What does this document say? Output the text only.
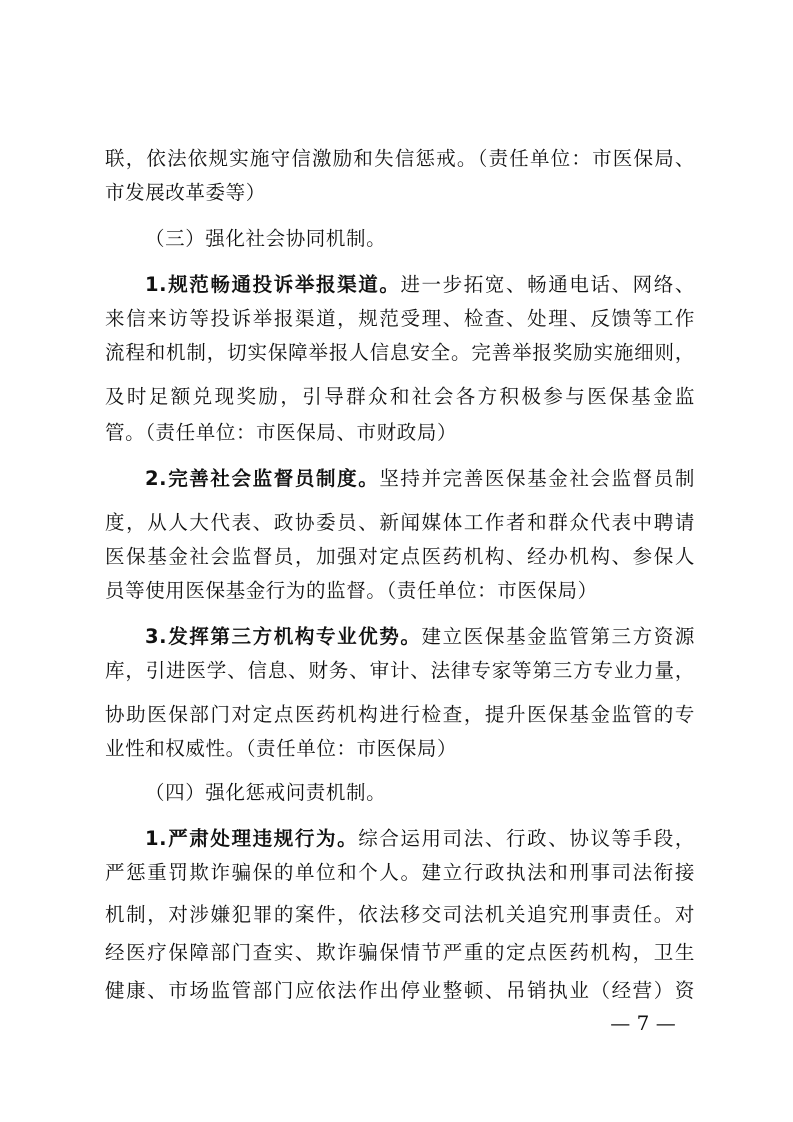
联，依法依规实施守信激励和失信惩戒。（责任单位：市医保局、
市发展改革委等）
（三）强化社会协同机制。
1.规范畅通投诉举报渠道。进一步拓宽、畅通电话、网络、
来信来访等投诉举报渠道，规范受理、检查、处理、反馈等工作
流程和机制，切实保障举报人信息安全。完善举报奖励实施细则，
及时足额兑现奖励，引导群众和社会各方积极参与医保基金监
管。（责任单位：市医保局、市财政局）
2.完善社会监督员制度。坚持并完善医保基金社会监督员制
度，从人大代表、政协委员、新闻媒体工作者和群众代表中聘请
医保基金社会监督员，加强对定点医药机构、经办机构、参保人
员等使用医保基金行为的监督。（责任单位：市医保局）
3.发挥第三方机构专业优势。建立医保基金监管第三方资源
库，引进医学、信息、财务、审计、法律专家等第三方专业力量，
协助医保部门对定点医药机构进行检查，提升医保基金监管的专
业性和权威性。（责任单位：市医保局）
（四）强化惩戒问责机制。
1.严肃处理违规行为。综合运用司法、行政、协议等手段，
严惩重罚欺诈骗保的单位和个人。建立行政执法和刑事司法衔接
机制，对涉嫌犯罪的案件，依法移交司法机关追究刑事责任。对
经医疗保障部门查实、欺诈骗保情节严重的定点医药机构，卫生
健康、市场监管部门应依法作出停业整顿、吊销执业（经营）资
— 7 —
